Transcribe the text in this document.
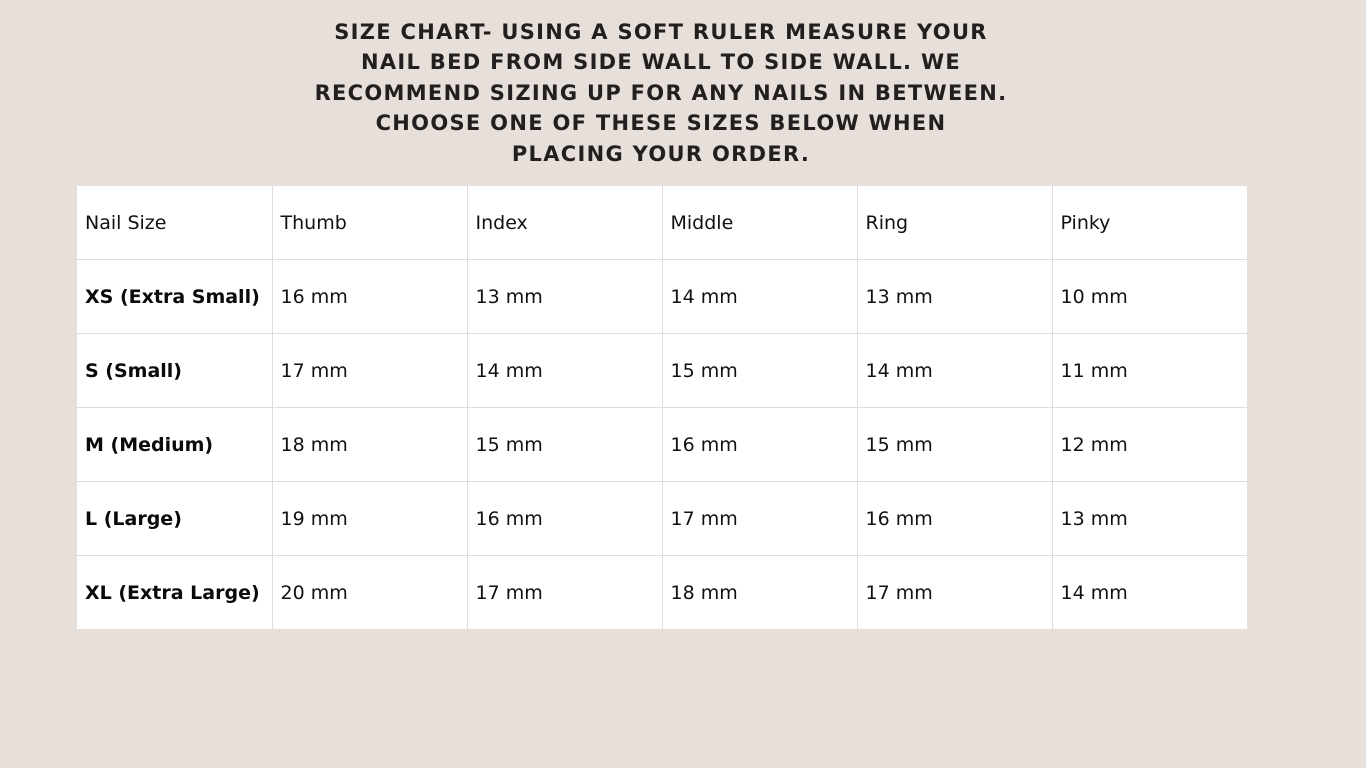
SIZE CHART- USING A SOFT RULER MEASURE YOUR
NAIL BED FROM SIDE WALL TO SIDE WALL. WE
RECOMMEND SIZING UP FOR ANY NAILS IN BETWEEN.
CHOOSE ONE OF THESE SIZES BELOW WHEN
PLACING YOUR ORDER.
Nail Size	Thumb	Index	Middle	Ring	Pinky
XS (Extra Small)	16 mm	13 mm	14 mm	13 mm	10 mm
S (Small)	17 mm	14 mm	15 mm	14 mm	11 mm
M (Medium)	18 mm	15 mm	16 mm	15 mm	12 mm
L (Large)	19 mm	16 mm	17 mm	16 mm	13 mm
XL (Extra Large)	20 mm	17 mm	18 mm	17 mm	14 mm
